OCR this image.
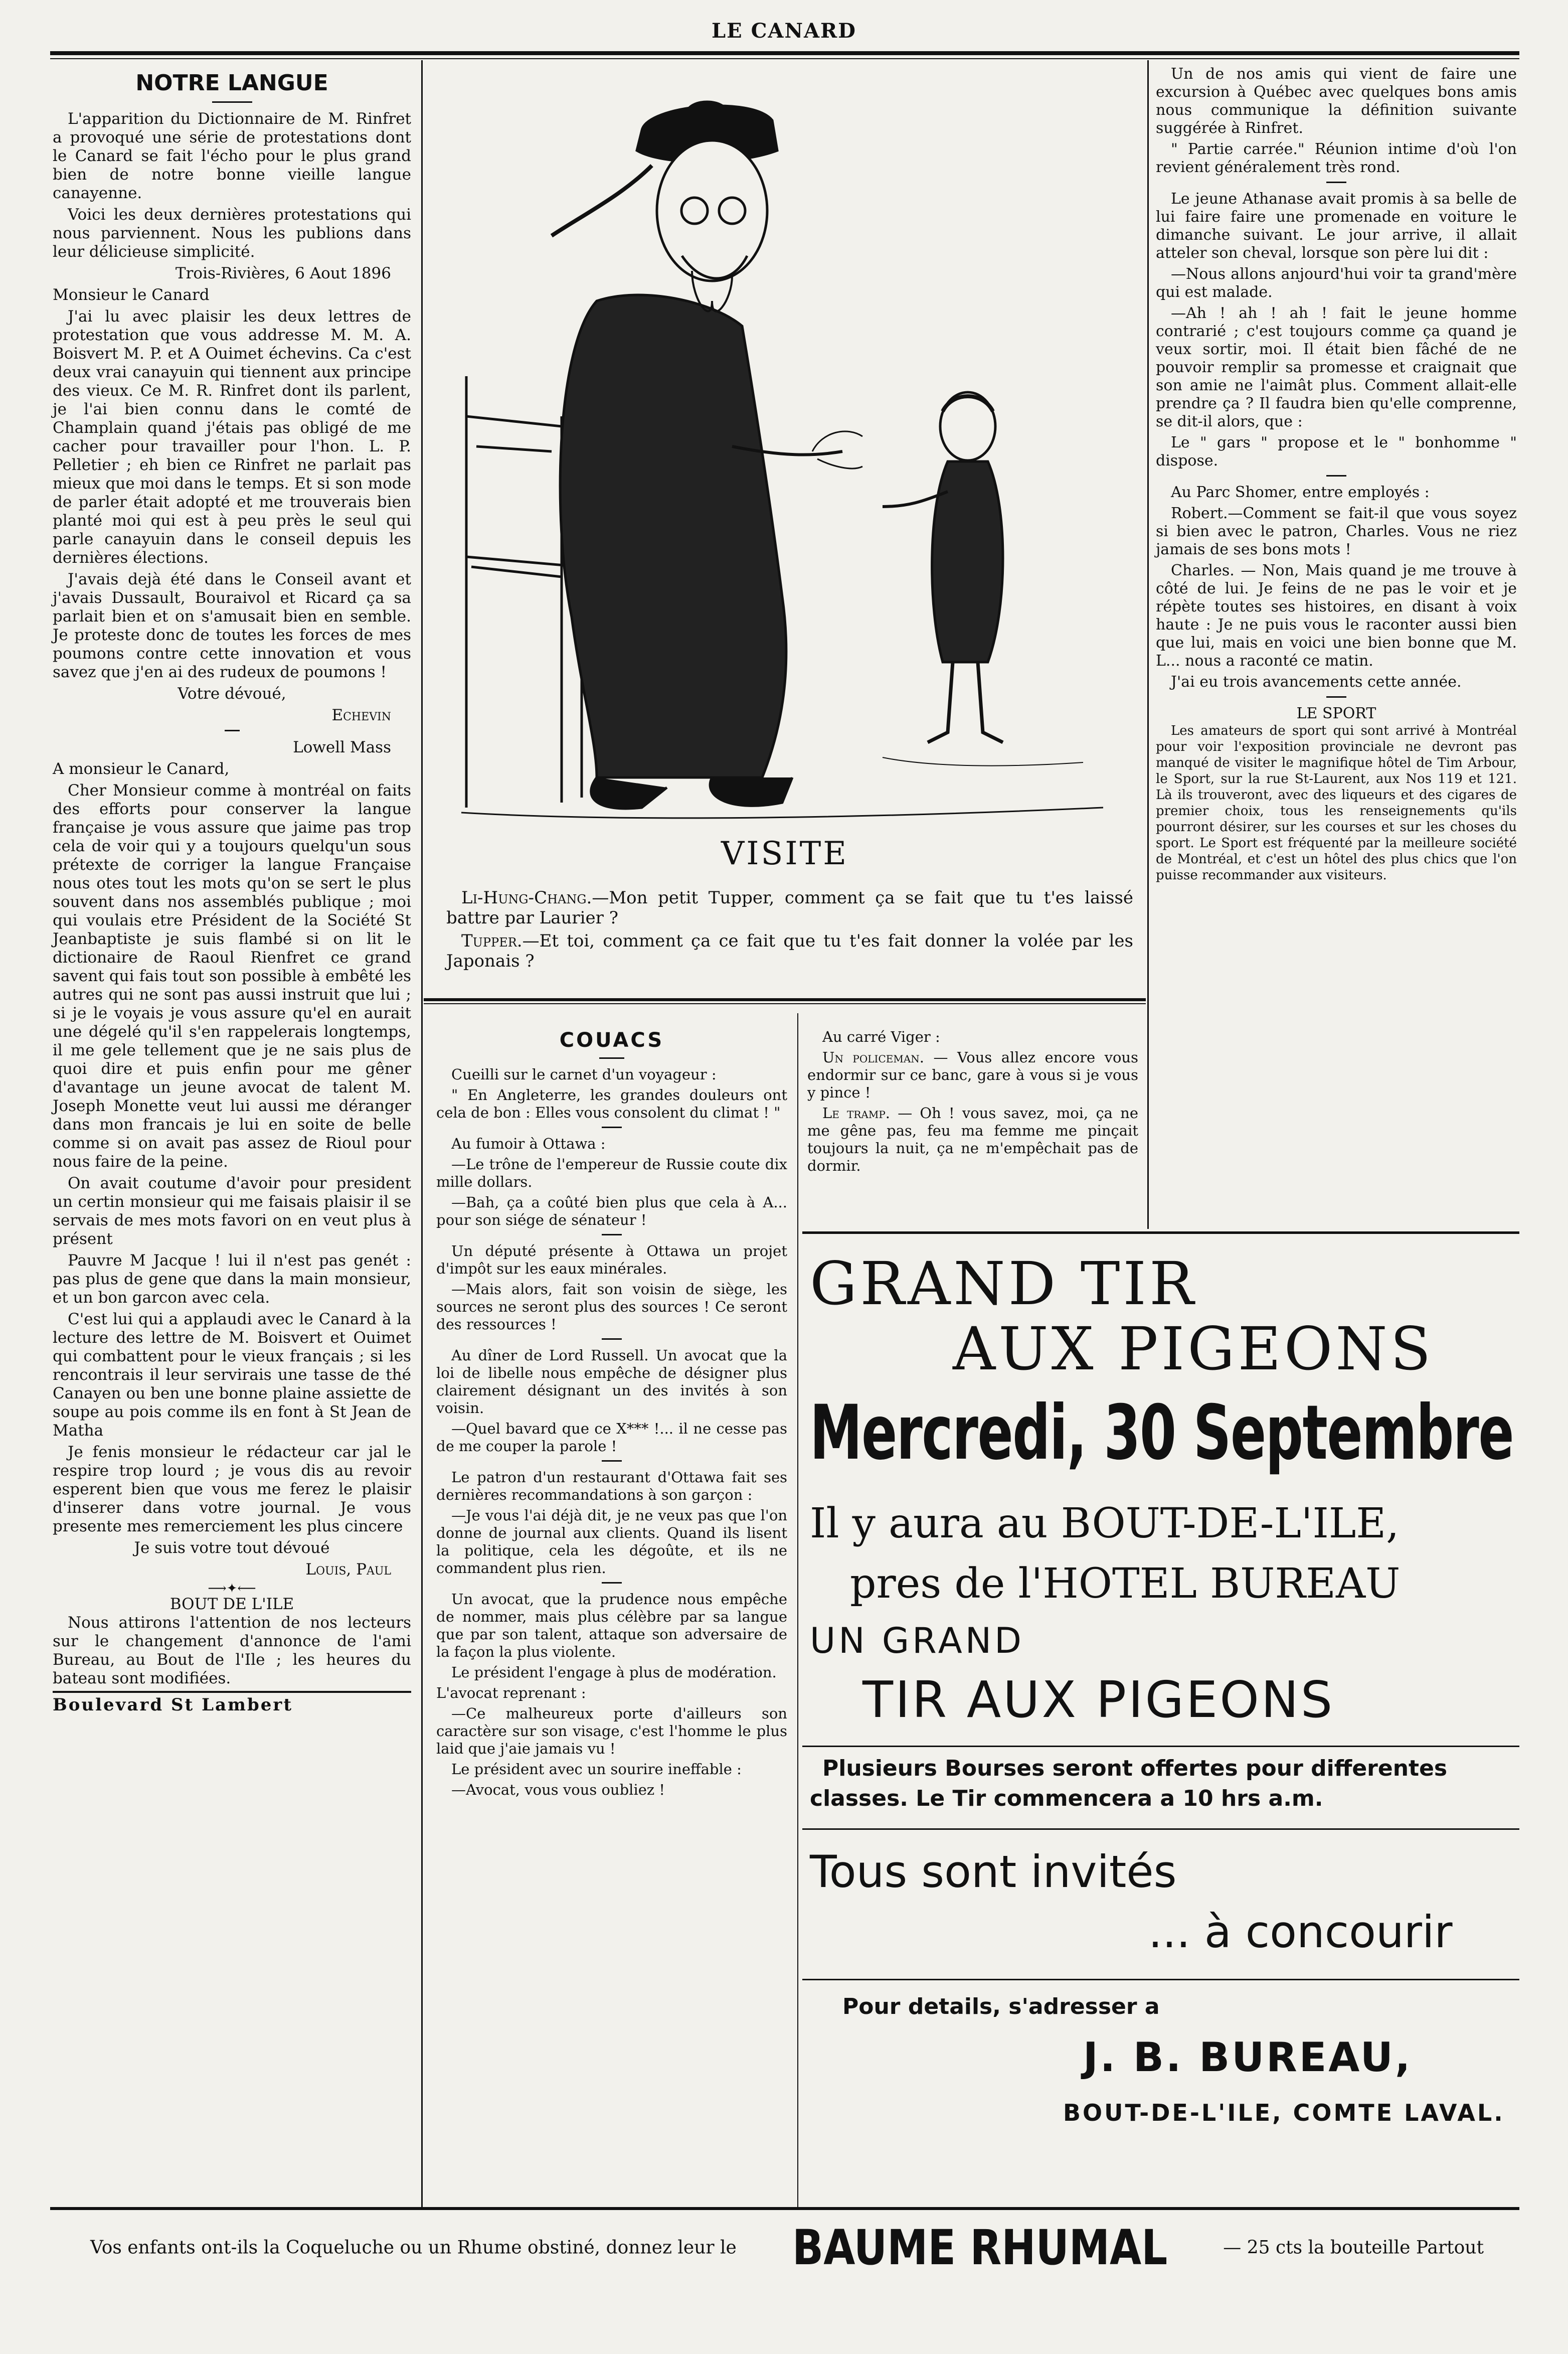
LE CANARD
NOTRE LANGUE

L'apparition du Dictionnaire de M. Rinfret a provoqué une série de protestations dont le Canard se fait l'écho pour le plus grand bien de notre bonne vieille langue canayenne.

Voici les deux dernières protestations qui nous parviennent. Nous les publions dans leur délicieuse simplicité.

Trois-Rivières, 6 Aout 1896

Monsieur le Canard

J'ai lu avec plaisir les deux lettres de protestation que vous addresse M. M. A. Boisvert M. P. et A Ouimet échevins. Ca c'est deux vrai canayuin qui tiennent aux principe des vieux. Ce M. R. Rinfret dont ils parlent, je l'ai bien connu dans le comté de Champlain quand j'étais pas obligé de me cacher pour travailler pour l'hon. L. P. Pelletier ; eh bien ce Rinfret ne parlait pas mieux que moi dans le temps. Et si son mode de parler était adopté et me trouverais bien planté moi qui est à peu près le seul qui parle canayuin dans le conseil depuis les dernières élections.

J'avais dejà été dans le Conseil avant et j'avais Dussault, Bouraivol et Ricard ça sa parlait bien et on s'amusait bien en semble. Je proteste donc de toutes les forces de mes poumons contre cette innovation et vous savez que j'en ai des rudeux de poumons !

Votre dévoué,

Echevin

Lowell Mass

A monsieur le Canard,

Cher Monsieur comme à montréal on faits des efforts pour conserver la langue française je vous assure que jaime pas trop cela de voir qui y a toujours quelqu'un sous prétexte de corriger la langue Française nous otes tout les mots qu'on se sert le plus souvent dans nos assemblés publique ; moi qui voulais etre Président de la Société St Jeanbaptiste je suis flambé si on lit le dictionaire de Raoul Rienfret ce grand savent qui fais tout son possible à embêté les autres qui ne sont pas aussi instruit que lui ; si je le voyais je vous assure qu'el en aurait une dégelé qu'il s'en rappelerais longtemps, il me gele tellement que je ne sais plus de quoi dire et puis enfin pour me gêner d'avantage un jeune avocat de talent M. Joseph Monette veut lui aussi me déranger dans mon francais je lui en soite de belle comme si on avait pas assez de Rioul pour nous faire de la peine.

On avait coutume d'avoir pour president un certin monsieur qui me faisais plaisir il se servais de mes mots favori on en veut plus à présent

Pauvre M Jacque ! lui il n'est pas genét : pas plus de gene que dans la main monsieur, et un bon garcon avec cela.

C'est lui qui a applaudi avec le Canard à la lecture des lettre de M. Boisvert et Ouimet qui combattent pour le vieux français ; si les rencontrais il leur servirais une tasse de thé Canayen ou ben une bonne plaine assiette de soupe au pois comme ils en font à St Jean de Matha

Je fenis monsieur le rédacteur car jal le respire trop lourd ; je vous dis au revoir esperent bien que vous me ferez le plaisir d'inserer dans votre journal. Je vous presente mes remerciement les plus cincere

Je suis votre tout dévoué

Louis, Paul

⟶✦⟵
BOUT DE L'ILE

Nous attirons l'attention de nos lecteurs sur le changement d'annonce de l'ami Bureau, au Bout de l'Ile ; les heures du bateau sont modifiées.

Boulevard St Lambert
VISITE

Li-Hung-Chang.—Mon petit Tupper, comment ça se fait que tu t'es laissé battre par Laurier ?

Tupper.—Et toi, comment ça ce fait que tu t'es fait donner la volée par les Japonais ?

COUACS

Cueilli sur le carnet d'un voyageur :

" En Angleterre, les grandes douleurs ont cela de bon : Elles vous consolent du climat ! "

Au fumoir à Ottawa :

—Le trône de l'empereur de Russie coute dix mille dollars.

—Bah, ça a coûté bien plus que cela à A... pour son siége de sénateur !

Un député présente à Ottawa un projet d'impôt sur les eaux minérales.

—Mais alors, fait son voisin de siège, les sources ne seront plus des sources ! Ce seront des ressources !

Au dîner de Lord Russell. Un avocat que la loi de libelle nous empêche de désigner plus clairement désignant un des invités à son voisin.

—Quel bavard que ce X*** !... il ne cesse pas de me couper la parole !

Le patron d'un restaurant d'Ottawa fait ses dernières recommandations à son garçon :

—Je vous l'ai déjà dit, je ne veux pas que l'on donne de journal aux clients. Quand ils lisent la politique, cela les dégoûte, et ils ne commandent plus rien.

Un avocat, que la prudence nous empêche de nommer, mais plus célèbre par sa langue que par son talent, attaque son adversaire de la façon la plus violente.

Le président l'engage à plus de modération.

L'avocat reprenant :

—Ce malheureux porte d'ailleurs son caractère sur son visage, c'est l'homme le plus laid que j'aie jamais vu !

Le président avec un sourire ineffable :

—Avocat, vous vous oubliez !

Au carré Viger :

Un policeman. — Vous allez encore vous endormir sur ce banc, gare à vous si je vous y pince !

Le tramp. — Oh ! vous savez, moi, ça ne me gêne pas, feu ma femme me pinçait toujours la nuit, ça ne m'empêchait pas de dormir.

Un de nos amis qui vient de faire une excursion à Québec avec quelques bons amis nous communique la définition suivante suggérée à Rinfret.

" Partie carrée." Réunion intime d'où l'on revient généralement très rond.

Le jeune Athanase avait promis à sa belle de lui faire faire une promenade en voiture le dimanche suivant. Le jour arrive, il allait atteler son cheval, lorsque son père lui dit :

—Nous allons anjourd'hui voir ta grand'mère qui est malade.

—Ah ! ah ! ah ! fait le jeune homme contrarié ; c'est toujours comme ça quand je veux sortir, moi. Il était bien fâché de ne pouvoir remplir sa promesse et craignait que son amie ne l'aimât plus. Comment allait-elle prendre ça ? Il faudra bien qu'elle comprenne, se dit-il alors, que :

Le " gars " propose et le " bonhomme " dispose.

Au Parc Shomer, entre employés :

Robert.—Comment se fait-il que vous soyez si bien avec le patron, Charles. Vous ne riez jamais de ses bons mots !

Charles. — Non, Mais quand je me trouve à côté de lui. Je feins de ne pas le voir et je répète toutes ses histoires, en disant à voix haute : Je ne puis vous le raconter aussi bien que lui, mais en voici une bien bonne que M. L... nous a raconté ce matin.

J'ai eu trois avancements cette année.

LE SPORT

Les amateurs de sport qui sont arrivé à Montréal pour voir l'exposition provinciale ne devront pas manqué de visiter le magnifique hôtel de Tim Arbour, le Sport, sur la rue St-Laurent, aux Nos 119 et 121. Là ils trouveront, avec des liqueurs et des cigares de premier choix, tous les renseignements qu'ils pourront désirer, sur les courses et sur les choses du sport. Le Sport est fréquenté par la meilleure société de Montréal, et c'est un hôtel des plus chics que l'on puisse recommander aux visiteurs.

GRAND TIR
AUX PIGEONS
Mercredi, 30 Septembre
Il y aura au BOUT-DE-L'ILE,
pres de l'HOTEL BUREAU
UN GRAND
TIR AUX PIGEONS
Plusieurs Bourses seront offertes pour differentes
classes. Le Tir commencera a 10 hrs a.m.
Tous sont invités
... à concourir
Pour details, s'adresser a
J. B. BUREAU,
BOUT-DE-L'ILE, COMTE LAVAL.
Vos enfants ont-ils la Coqueluche ou un Rhume obstiné, donnez leur le BAUME RHUMAL	— 25 cts la bouteille Partout
